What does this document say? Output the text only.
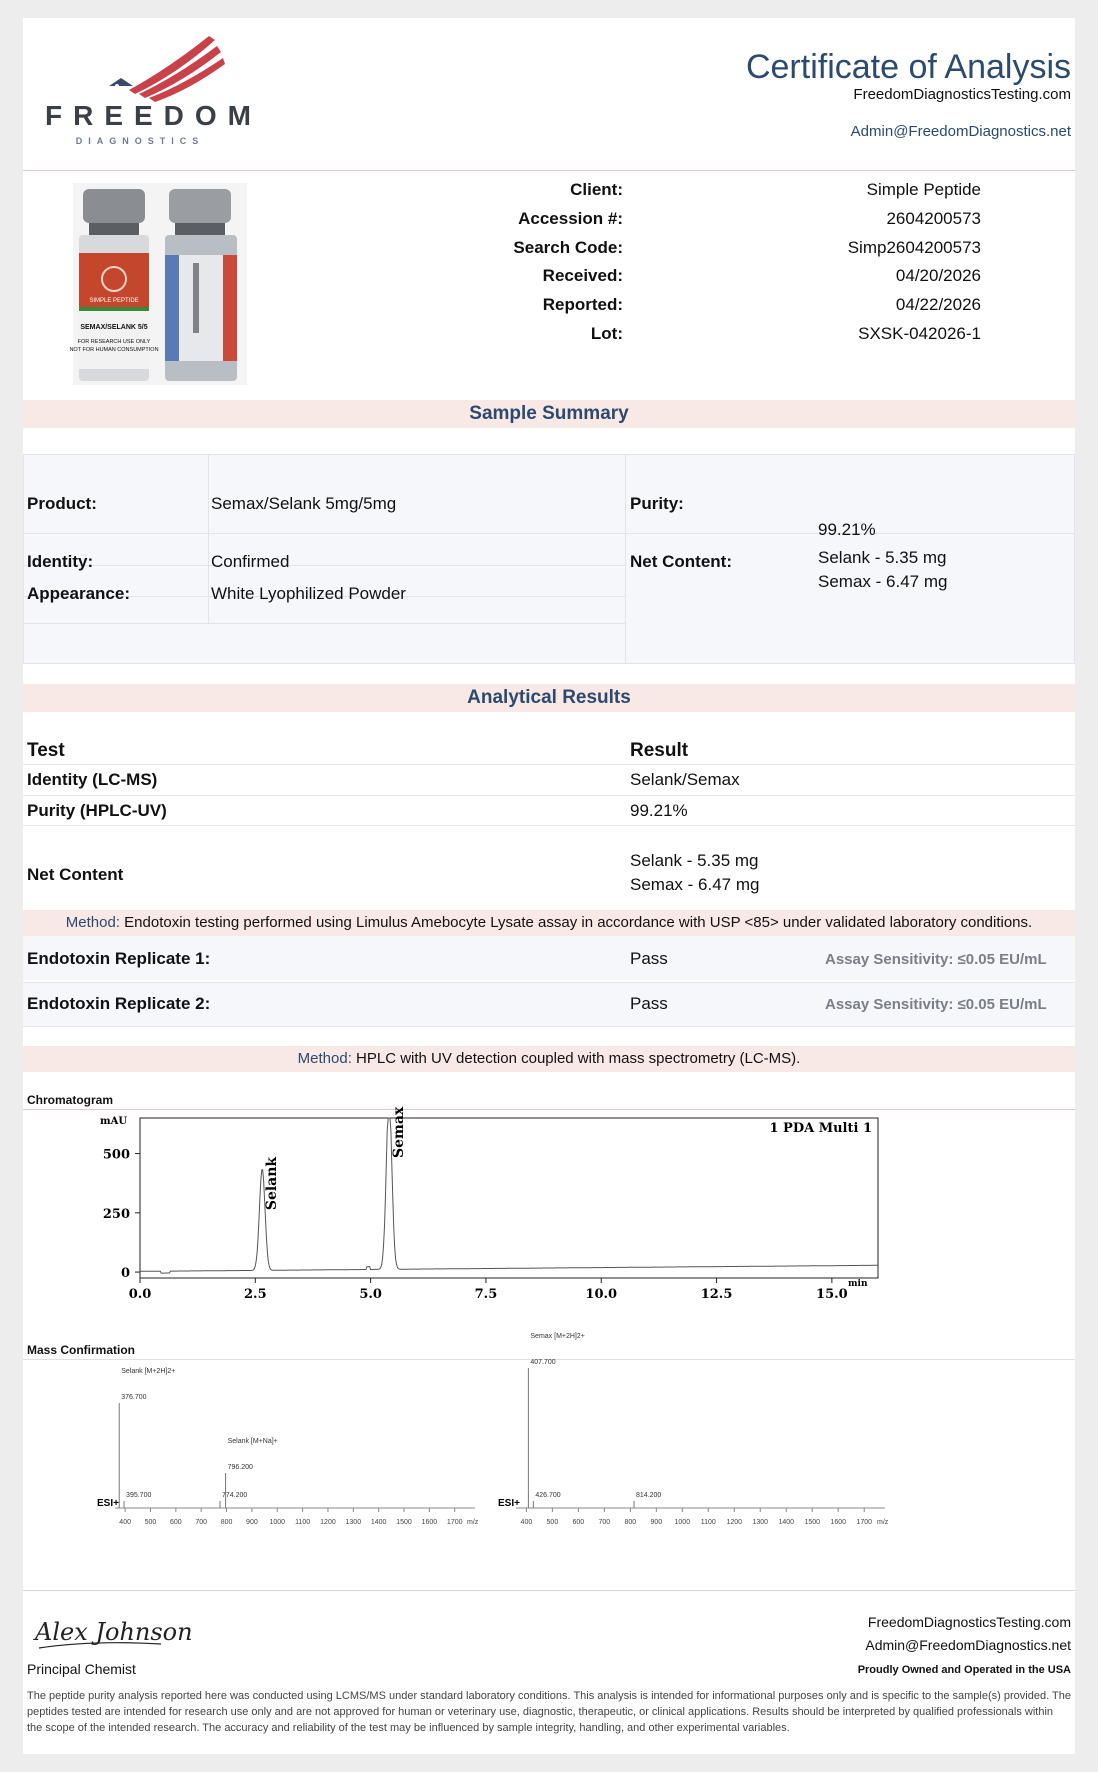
FREEDOM
DIAGNOSTICS
Certificate of Analysis
FreedomDiagnosticsTesting.com
Admin@FreedomDiagnostics.net
SIMPLE PEPTIDE
SEMAX/SELANK 5/5
FOR RESEARCH USE ONLY
NOT FOR HUMAN CONSUMPTION
Client:	Simple Peptide
Accession #:	2604200573
Search Code:	Simp2604200573
Received:	04/20/2026
Reported:	04/22/2026
Lot:	SXSK-042026-1
Sample Summary
Product:	Semax/Selank 5mg/5mg
Identity:	Confirmed
Appearance:	White Lyophilized Powder
Purity:
99.21%
Net Content:	Selank - 5.35 mg
Semax - 6.47 mg
Analytical Results
Test	Result
Identity (LC-MS)	Selank/Semax
Purity (HPLC-UV)	99.21%
Net Content
Selank - 5.35 mg
Semax - 6.47 mg
Method: Endotoxin testing performed using Limulus Amebocyte Lysate assay in accordance with USP <85> under validated laboratory conditions.
Endotoxin Replicate 1:	Pass	Assay Sensitivity: ≤0.05 EU/mL
Endotoxin Replicate 2:	Pass	Assay Sensitivity: ≤0.05 EU/mL
Method: HPLC with UV detection coupled with mass spectrometry (LC-MS).
Chromatogram
mAU
min
1 PDA Multi 1
0.0	2.5	5.0	7.5	10.0	12.5	15.0
0
250
500
Selank
Semax
Mass Confirmation
ESI+
400 500 600 700 800 900 1000 1100 1200 1300 1400 1500 1600 1700 m/z
376.700
Selank [M+2H]2+
395.700	774.200
796.200
Selank [M+Na]+
ESI+
400 500 600 700 800 900 1000 1100 1200 1300 1400 1500 1600 1700 m/z
407.700
Semax [M+2H]2+
426.700	814.200
Alex Johnson
Principal Chemist
FreedomDiagnosticsTesting.com
Admin@FreedomDiagnostics.net
Proudly Owned and Operated in the USA
The peptide purity analysis reported here was conducted using LCMS/MS under standard laboratory conditions. This analysis is intended for informational purposes only and is specific to the sample(s) provided. The peptides tested are intended for research use only and are not approved for human or veterinary use, diagnostic, therapeutic, or clinical applications. Results should be interpreted by qualified professionals within the scope of the intended research. The accuracy and reliability of the test may be influenced by sample integrity, handling, and other experimental variables.
